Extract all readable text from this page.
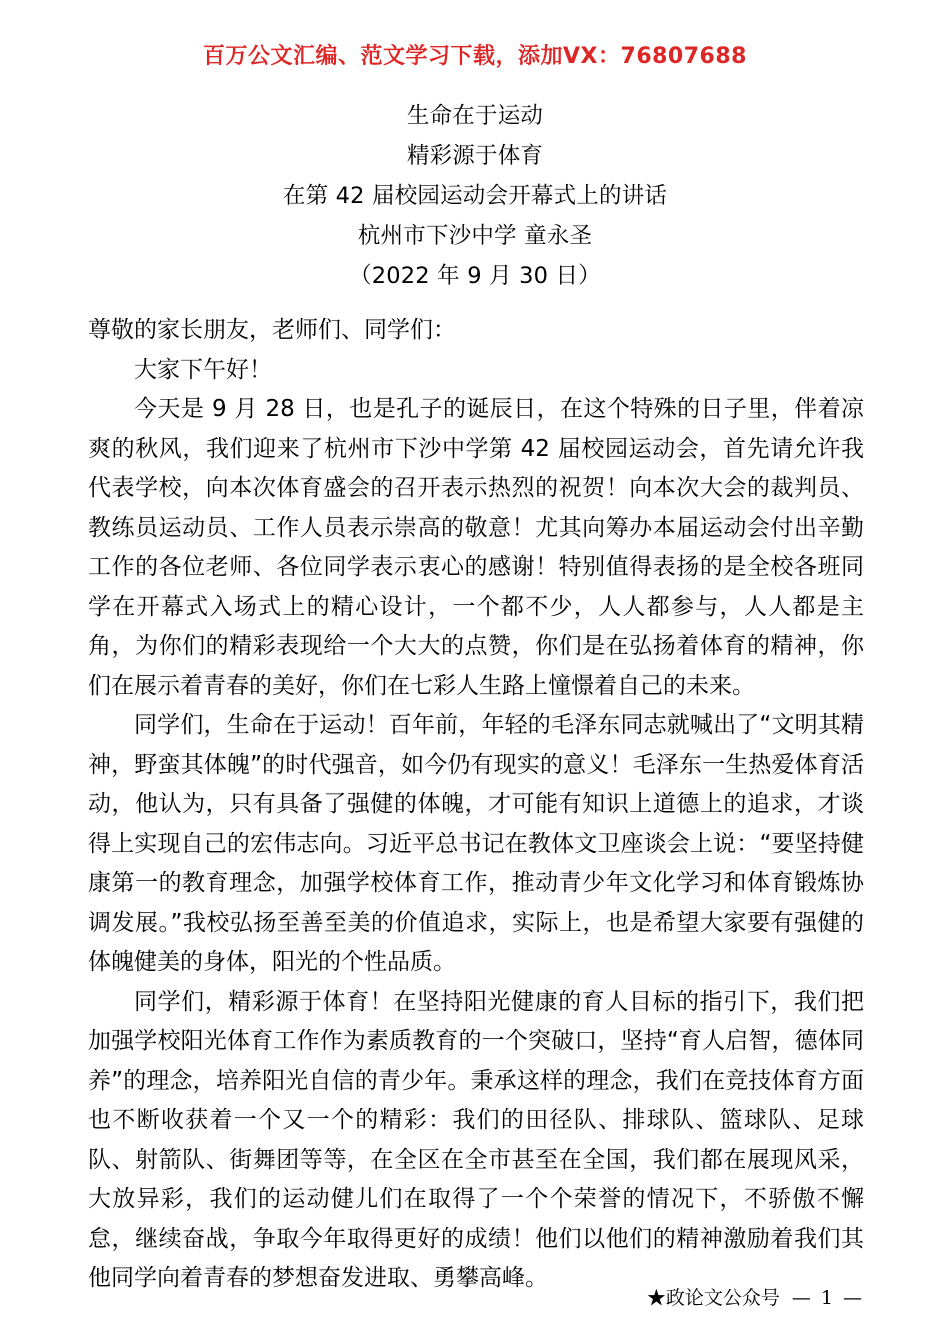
百万公文汇编、范文学习下载，添加VX：76807688
生命在于运动
精彩源于体育
在第 42 届校园运动会开幕式上的讲话
杭州市下沙中学 童永圣
（2022 年 9 月 30 日）

尊敬的家长朋友，老师们、同学们：

大家下午好！

今天是 9 月 28 日，也是孔子的诞辰日，在这个特殊的日子里，伴着凉爽的秋风，我们迎来了杭州市下沙中学第 42 届校园运动会，首先请允许我代表学校，向本次体育盛会的召开表示热烈的祝贺！向本次大会的裁判员、教练员运动员、工作人员表示崇高的敬意！尤其向筹办本届运动会付出辛勤工作的各位老师、各位同学表示衷心的感谢！特别值得表扬的是全校各班同学在开幕式入场式上的精心设计，一个都不少，人人都参与，人人都是主角，为你们的精彩表现给一个大大的点赞，你们是在弘扬着体育的精神，你们在展示着青春的美好，你们在七彩人生路上憧憬着自己的未来。

同学们，生命在于运动！百年前，年轻的毛泽东同志就喊出了“文明其精神，野蛮其体魄”的时代强音，如今仍有现实的意义！毛泽东一生热爱体育活动，他认为，只有具备了强健的体魄，才可能有知识上道德上的追求，才谈得上实现自己的宏伟志向。习近平总书记在教体文卫座谈会上说：“要坚持健康第一的教育理念，加强学校体育工作，推动青少年文化学习和体育锻炼协调发展。”我校弘扬至善至美的价值追求，实际上，也是希望大家要有强健的体魄健美的身体，阳光的个性品质。

同学们，精彩源于体育！在坚持阳光健康的育人目标的指引下，我们把加强学校阳光体育工作作为素质教育的一个突破口，坚持“育人启智，德体同养”的理念，培养阳光自信的青少年。秉承这样的理念，我们在竞技体育方面也不断收获着一个又一个的精彩：我们的田径队、排球队、篮球队、足球队、射箭队、街舞团等等，在全区在全市甚至在全国，我们都在展现风采，大放异彩，我们的运动健儿们在取得了一个个荣誉的情况下，不骄傲不懈怠，继续奋战，争取今年取得更好的成绩！他们以他们的精神激励着我们其他同学向着青春的梦想奋发进取、勇攀高峰。

★政论文公众号 — 1 —
